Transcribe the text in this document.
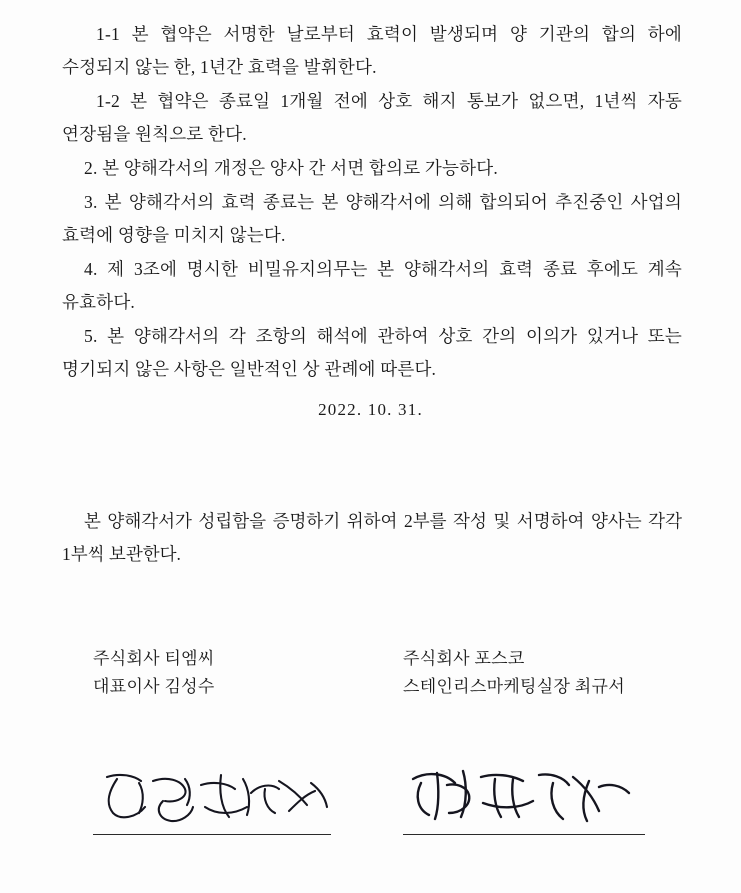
1-1 본 협약은 서명한 날로부터 효력이 발생되며 양 기관의 합의 하에 수정되지 않는 한, 1년간 효력을 발휘한다.

1-2 본 협약은 종료일 1개월 전에 상호 해지 통보가 없으면, 1년씩 자동 연장됨을 원칙으로 한다.

2. 본 양해각서의 개정은 양사 간 서면 합의로 가능하다.

3. 본 양해각서의 효력 종료는 본 양해각서에 의해 합의되어 추진중인 사업의 효력에 영향을 미치지 않는다.

4. 제 3조에 명시한 비밀유지의무는 본 양해각서의 효력 종료 후에도 계속 유효하다.

5. 본 양해각서의 각 조항의 해석에 관하여 상호 간의 이의가 있거나 또는 명기되지 않은 사항은 일반적인 상 관례에 따른다.

2022. 10. 31.
본 양해각서가 성립함을 증명하기 위하여 2부를 작성 및 서명하여 양사는 각각 1부씩 보관한다.
주식회사 티엠씨
대표이사 김성수
주식회사 포스코
스테인리스마케팅실장 최규서
